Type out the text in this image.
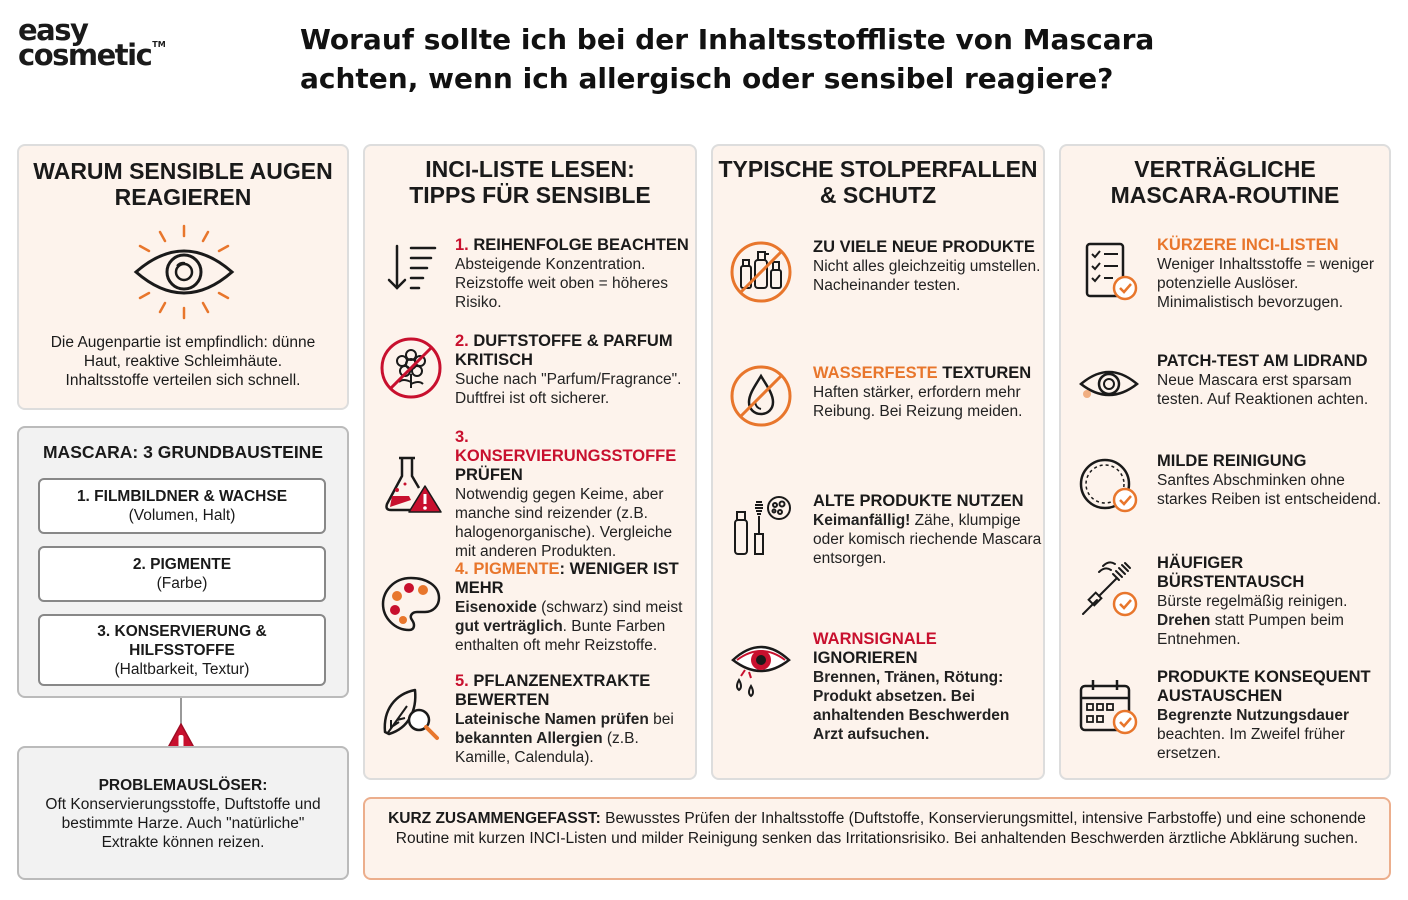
easy
cosmetic™	Worauf sollte ich bei der Inhaltsstoffliste von Mascara achten, wenn ich allergisch oder sensibel reagiere?
WARUM SENSIBLE AUGEN REAGIEREN
Die Augenpartie ist empfindlich: dünne Haut, reaktive Schleimhäute. Inhaltsstoffe verteilen sich schnell.
MASCARA: 3 GRUNDBAUSTEINE
1. FILMBILDNER & WACHSE
(Volumen, Halt)
2. PIGMENTE
(Farbe)
3. KONSERVIERUNG & HILFSSTOFFE
(Haltbarkeit, Textur)
PROBLEMAUSLÖSER:
Oft Konservierungsstoffe, Duftstoffe und bestimmte Harze. Auch "natürliche" Extrakte können reizen.
INCI-LISTE LESEN:
TIPPS FÜR SENSIBLE
1. REIHENFOLGE BEACHTEN
Absteigende Konzentration. Reizstoffe weit oben = höheres Risiko.
2. DUFTSTOFFE & PARFUM KRITISCH
Suche nach "Parfum/Fragrance". Duftfrei ist oft sicherer.
3. KONSERVIERUNGSSTOFFE
PRÜFEN
Notwendig gegen Keime, aber manche sind reizender (z.B. halogenorganische). Vergleiche mit anderen Produkten.
4. PIGMENTE: WENIGER IST MEHR
Eisenoxide (schwarz) sind meist gut verträglich. Bunte Farben enthalten oft mehr Reizstoffe.
5. PFLANZENEXTRAKTE BEWERTEN
Lateinische Namen prüfen bei bekannten Allergien (z.B. Kamille, Calendula).
TYPISCHE STOLPERFALLEN
& SCHUTZ
ZU VIELE NEUE PRODUKTE
Nicht alles gleichzeitig umstellen. Nacheinander testen.
WASSERFESTE TEXTUREN
Haften stärker, erfordern mehr Reibung. Bei Reizung meiden.
ALTE PRODUKTE NUTZEN
Keimanfällig! Zähe, klumpige oder komisch riechende Mascara entsorgen.
WARNSIGNALE IGNORIEREN
Brennen, Tränen, Rötung: Produkt absetzen. Bei anhaltenden Beschwerden Arzt aufsuchen.
VERTRÄGLICHE
MASCARA-ROUTINE
KÜRZERE INCI-LISTEN
Weniger Inhaltsstoffe = weniger potenzielle Auslöser. Minimalistisch bevorzugen.
PATCH-TEST AM LIDRAND
Neue Mascara erst sparsam testen. Auf Reaktionen achten.
MILDE REINIGUNG
Sanftes Abschminken ohne starkes Reiben ist entscheidend.
HÄUFIGER BÜRSTENTAUSCH
Bürste regelmäßig reinigen. Drehen statt Pumpen beim Entnehmen.
PRODUKTE KONSEQUENT AUSTAUSCHEN
Begrenzte Nutzungsdauer beachten. Im Zweifel früher ersetzen.
KURZ ZUSAMMENGEFASST: Bewusstes Prüfen der Inhaltsstoffe (Duftstoffe, Konservierungsmittel, intensive Farbstoffe) und eine schonende Routine mit kurzen INCI-Listen und milder Reinigung senken das Irritationsrisiko. Bei anhaltenden Beschwerden ärztliche Abklärung suchen.
